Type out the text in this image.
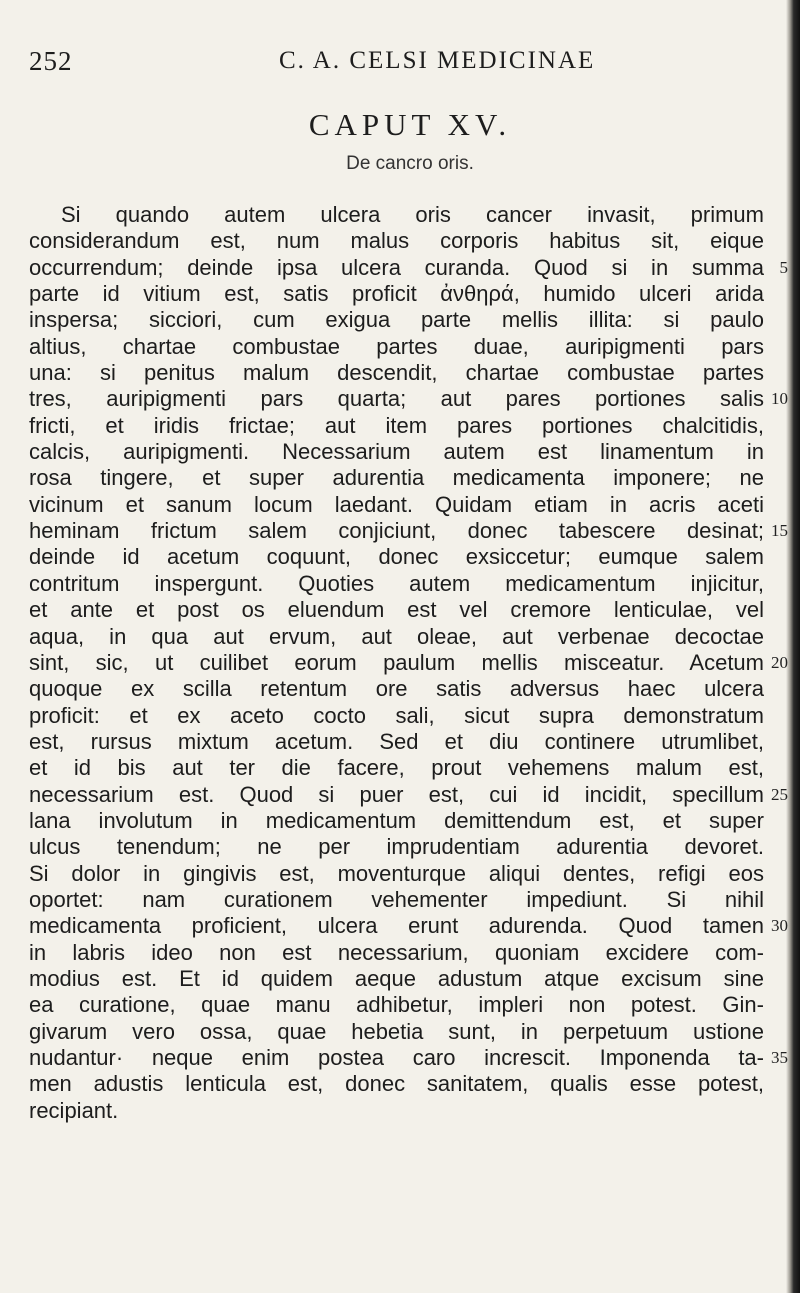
252	C. A. CELSI MEDICINAE
CAPUT XV.
De cancro oris.
Si quando autem ulcera oris cancer invasit, primum
considerandum est, num malus corporis habitus sit, eique
occurrendum; deinde ipsa ulcera curanda. Quod si in summa 5
parte id vitium est, satis proficit ἀνθηρά, humido ulceri arida
inspersa; sicciori, cum exigua parte mellis illita: si paulo
altius, chartae combustae partes duae, auripigmenti pars
una: si penitus malum descendit, chartae combustae partes
tres, auripigmenti pars quarta; aut pares portiones salis 10
fricti, et iridis frictae; aut item pares portiones chalcitidis,
calcis, auripigmenti. Necessarium autem est linamentum in
rosa tingere, et super adurentia medicamenta imponere; ne
vicinum et sanum locum laedant. Quidam etiam in acris aceti
heminam frictum salem conjiciunt, donec tabescere desinat; 15
deinde id acetum coquunt, donec exsiccetur; eumque salem
contritum inspergunt. Quoties autem medicamentum injicitur,
et ante et post os eluendum est vel cremore lenticulae, vel
aqua, in qua aut ervum, aut oleae, aut verbenae decoctae
sint, sic, ut cuilibet eorum paulum mellis misceatur. Acetum 20
quoque ex scilla retentum ore satis adversus haec ulcera
proficit: et ex aceto cocto sali, sicut supra demonstratum
est, rursus mixtum acetum. Sed et diu continere utrumlibet,
et id bis aut ter die facere, prout vehemens malum est,
necessarium est. Quod si puer est, cui id incidit, specillum 25
lana involutum in medicamentum demittendum est, et super
ulcus tenendum; ne per imprudentiam adurentia devoret.
Si dolor in gingivis est, moventurque aliqui dentes, refigi eos
oportet: nam curationem vehementer impediunt. Si nihil
medicamenta proficient, ulcera erunt adurenda. Quod tamen 30
in labris ideo non est necessarium, quoniam excidere com-
modius est. Et id quidem aeque adustum atque excisum sine
ea curatione, quae manu adhibetur, impleri non potest. Gin-
givarum vero ossa, quae hebetia sunt, in perpetuum ustione
nudantur· neque enim postea caro increscit. Imponenda ta- 35
men adustis lenticula est, donec sanitatem, qualis esse potest,
recipiant.
